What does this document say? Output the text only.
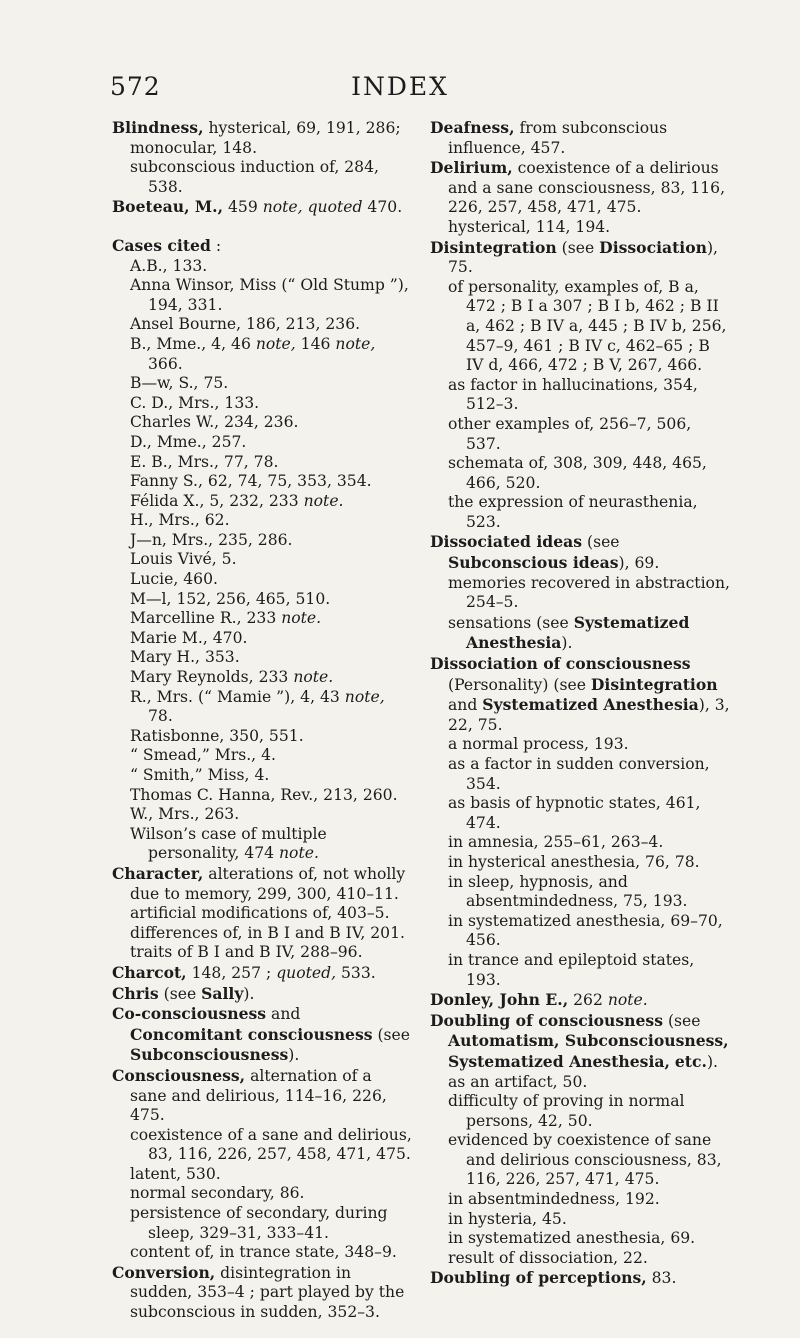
572	INDEX
Blindness, hysterical, 69, 191, 286; monocular, 148.
subconscious induction of, 284, 538.
Boeteau, M., 459 note, quoted 470.
Cases cited :
A.B., 133.
Anna Winsor, Miss (“ Old Stump ”), 194, 331.
Ansel Bourne, 186, 213, 236.
B., Mme., 4, 46 note, 146 note, 366.
B—w, S., 75.
C. D., Mrs., 133.
Charles W., 234, 236.
D., Mme., 257.
E. B., Mrs., 77, 78.
Fanny S., 62, 74, 75, 353, 354.
Félida X., 5, 232, 233 note.
H., Mrs., 62.
J—n, Mrs., 235, 286.
Louis Vivé, 5.
Lucie, 460.
M—l, 152, 256, 465, 510.
Marcelline R., 233 note.
Marie M., 470.
Mary H., 353.
Mary Reynolds, 233 note.
R., Mrs. (“ Mamie ”), 4, 43 note, 78.
Ratisbonne, 350, 551.
“ Smead,” Mrs., 4.
“ Smith,” Miss, 4.
Thomas C. Hanna, Rev., 213, 260.
W., Mrs., 263.
Wilson’s case of multiple personality, 474 note.
Character, alterations of, not wholly due to memory, 299, 300, 410–11.
artificial modifications of, 403–5.
differences of, in B I and B IV, 201.
traits of B I and B IV, 288–96.
Charcot, 148, 257 ; quoted, 533.
Chris (see Sally).
Co-consciousness and Concomitant consciousness (see Subconsciousness).
Consciousness, alternation of a sane and delirious, 114–16, 226, 475.
coexistence of a sane and delirious, 83, 116, 226, 257, 458, 471, 475.
latent, 530.
normal secondary, 86.
persistence of secondary, during sleep, 329–31, 333–41.
content of, in trance state, 348–9.
Conversion, disintegration in sudden, 353–4 ; part played by the subconscious in sudden, 352–3.
Deafness, from subconscious influence, 457.
Delirium, coexistence of a delirious and a sane consciousness, 83, 116, 226, 257, 458, 471, 475.
hysterical, 114, 194.
Disintegration (see Dissociation), 75.
of personality, examples of, B a, 472 ; B I a 307 ; B I b, 462 ; B II a, 462 ; B IV a, 445 ; B IV b, 256, 457–9, 461 ; B IV c, 462–65 ; B IV d, 466, 472 ; B V, 267, 466.
as factor in hallucinations, 354, 512–3.
other examples of, 256–7, 506, 537.
schemata of, 308, 309, 448, 465, 466, 520.
the expression of neurasthenia, 523.
Dissociated ideas (see Subconscious ideas), 69.
memories recovered in abstraction, 254–5.
sensations (see Systematized Anesthesia).
Dissociation of consciousness (Personality) (see Disintegration and Systematized Anesthesia), 3, 22, 75.
a normal process, 193.
as a factor in sudden conversion, 354.
as basis of hypnotic states, 461, 474.
in amnesia, 255–61, 263–4.
in hysterical anesthesia, 76, 78.
in sleep, hypnosis, and absentmindedness, 75, 193.
in systematized anesthesia, 69–70, 456.
in trance and epileptoid states, 193.
Donley, John E., 262 note.
Doubling of consciousness (see Automatism, Subconsciousness, Systematized Anesthesia, etc.).
as an artifact, 50.
difficulty of proving in normal persons, 42, 50.
evidenced by coexistence of sane and delirious consciousness, 83, 116, 226, 257, 471, 475.
in absentmindedness, 192.
in hysteria, 45.
in systematized anesthesia, 69.
result of dissociation, 22.
Doubling of perceptions, 83.
